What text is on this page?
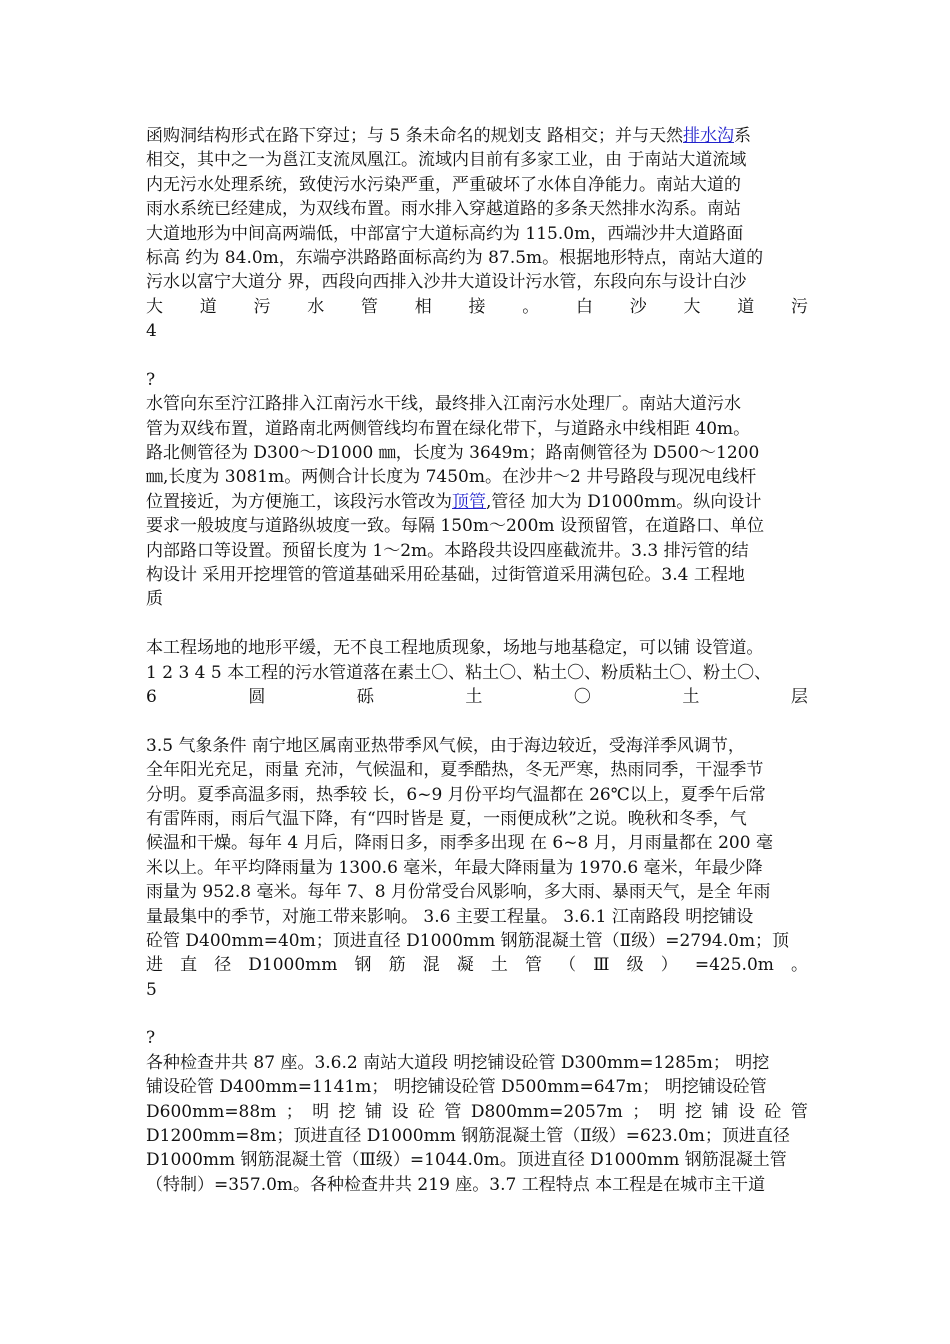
函购洞结构形式在路下穿过；与 5 条未命名的规划支 路相交；并与天然排水沟系
相交，其中之一为邕江支流凤凰江。流域内目前有多家工业，由 于南站大道流域
内无污水处理系统，致使污水污染严重，严重破坏了水体自净能力。南站大道的
雨水系统已经建成，为双线布置。雨水排入穿越道路的多条天然排水沟系。南站
大道地形为中间高两端低，中部富宁大道标高约为 115.0m，西端沙井大道路面
标高 约为 84.0m，东端亭洪路路面标高约为 87.5m。根据地形特点，南站大道的
污水以富宁大道分 界，西段向西排入沙井大道设计污水管，东段向东与设计白沙
大 道 污 水 管 相 接 。 白 沙 大 道 污
4
?
水管向东至泞江路排入江南污水干线，最终排入江南污水处理厂。南站大道污水
管为双线布置，道路南北两侧管线均布置在绿化带下，与道路永中线相距 40m。
路北侧管径为 D300～D1000 ㎜，长度为 3649m；路南侧管径为 D500～1200
㎜,长度为 3081m。两侧合计长度为 7450m。在沙井～2 井号路段与现况电线杆
位置接近，为方便施工，该段污水管改为顶管,管径 加大为 D1000mm。纵向设计
要求一般坡度与道路纵坡度一致。每隔 150m～200m 设预留管，在道路口、单位
内部路口等设置。预留长度为 1～2m。本路段共设四座截流井。3.3 排污管的结
构设计 采用开挖埋管的管道基础采用砼基础，过街管道采用满包砼。3.4 工程地
质
本工程场地的地形平缓，无不良工程地质现象，场地与地基稳定，可以铺 设管道。
1 2 3 4 5 本工程的污水管道落在素土〇、粘土〇、粘土〇、粉质粘土〇、粉土〇、
6	圆	砾	土	〇	土	层
3.5 气象条件 南宁地区属南亚热带季风气候，由于海边较近，受海洋季风调节，
全年阳光充足，雨量 充沛，气候温和，夏季酷热，冬无严寒，热雨同季，干湿季节
分明。夏季高温多雨，热季较 长，6~9 月份平均气温都在 26℃以上，夏季午后常
有雷阵雨，雨后气温下降，有“四时皆是 夏，一雨便成秋”之说。晚秋和冬季，气
候温和干燥。每年 4 月后，降雨日多，雨季多出现 在 6~8 月，月雨量都在 200 毫
米以上。年平均降雨量为 1300.6 毫米，年最大降雨量为 1970.6 毫米，年最少降
雨量为 952.8 毫米。每年 7、8 月份常受台风影响，多大雨、暴雨天气，是全 年雨
量最集中的季节，对施工带来影响。 3.6 主要工程量。 3.6.1 江南路段 明挖铺设
砼管 D400mm=40m；顶进直径 D1000mm 钢筋混凝土管（Ⅱ级）=2794.0m；顶
进 直 径 D1000mm 钢 筋 混 凝 土 管 （ Ⅲ 级 ） =425.0m 。
5
?
各种检查井共 87 座。3.6.2 南站大道段 明挖铺设砼管 D300mm=1285m； 明挖
铺设砼管 D400mm=1141m； 明挖铺设砼管 D500mm=647m； 明挖铺设砼管
D600mm=88m ； 明 挖 铺 设 砼 管 D800mm=2057m ； 明 挖 铺 设 砼 管
D1200mm=8m；顶进直径 D1000mm 钢筋混凝土管（Ⅱ级）=623.0m；顶进直径
D1000mm 钢筋混凝土管（Ⅲ级）=1044.0m。顶进直径 D1000mm 钢筋混凝土管
（特制）=357.0m。各种检查井共 219 座。3.7 工程特点 本工程是在城市主干道
